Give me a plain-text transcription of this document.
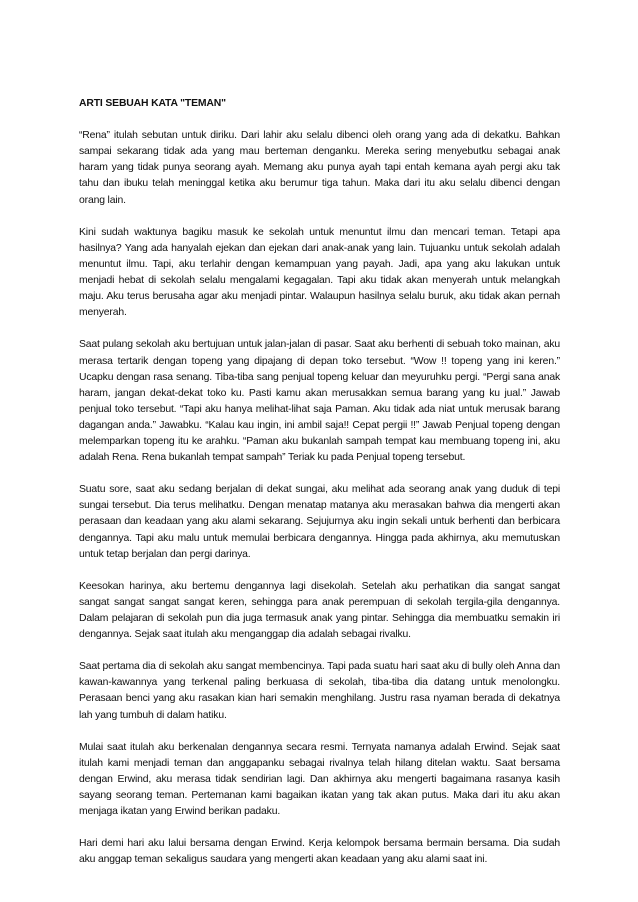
ARTI SEBUAH KATA "TEMAN"

“Rena” itulah sebutan untuk diriku. Dari lahir aku selalu dibenci oleh orang yang ada di dekatku. Bahkan sampai sekarang tidak ada yang mau berteman denganku. Mereka sering menyebutku sebagai anak haram yang tidak punya seorang ayah. Memang aku punya ayah tapi entah kemana ayah pergi aku tak tahu dan ibuku telah meninggal ketika aku berumur tiga tahun. Maka dari itu aku selalu dibenci dengan orang lain.

Kini sudah waktunya bagiku masuk ke sekolah untuk menuntut ilmu dan mencari teman. Tetapi apa hasilnya? Yang ada hanyalah ejekan dan ejekan dari anak-anak yang lain. Tujuanku untuk sekolah adalah menuntut ilmu. Tapi, aku terlahir dengan kemampuan yang payah. Jadi, apa yang aku lakukan untuk menjadi hebat di sekolah selalu mengalami kegagalan. Tapi aku tidak akan menyerah untuk melangkah maju. Aku terus berusaha agar aku menjadi pintar. Walaupun hasilnya selalu buruk, aku tidak akan pernah menyerah.

Saat pulang sekolah aku bertujuan untuk jalan-jalan di pasar. Saat aku berhenti di sebuah toko mainan, aku merasa tertarik dengan topeng yang dipajang di depan toko tersebut. “Wow !! topeng yang ini keren.” Ucapku dengan rasa senang. Tiba-tiba sang penjual topeng keluar dan meyuruhku pergi. “Pergi sana anak haram, jangan dekat-dekat toko ku. Pasti kamu akan merusakkan semua barang yang ku jual.” Jawab penjual toko tersebut. “Tapi aku hanya melihat-lihat saja Paman. Aku tidak ada niat untuk merusak barang dagangan anda.” Jawabku. “Kalau kau ingin, ini ambil saja!! Cepat pergii !!” Jawab Penjual topeng dengan melemparkan topeng itu ke arahku. “Paman aku bukanlah sampah tempat kau membuang topeng ini, aku adalah Rena. Rena bukanlah tempat sampah” Teriak ku pada Penjual topeng tersebut.

Suatu sore, saat aku sedang berjalan di dekat sungai, aku melihat ada seorang anak yang duduk di tepi sungai tersebut. Dia terus melihatku. Dengan menatap matanya aku merasakan bahwa dia mengerti akan perasaan dan keadaan yang aku alami sekarang. Sejujurnya aku ingin sekali untuk berhenti dan berbicara dengannya. Tapi aku malu untuk memulai berbicara dengannya. Hingga pada akhirnya, aku memutuskan untuk tetap berjalan dan pergi darinya.

Keesokan harinya, aku bertemu dengannya lagi disekolah. Setelah aku perhatikan dia sangat sangat sangat sangat sangat sangat keren, sehingga para anak perempuan di sekolah tergila-gila dengannya. Dalam pelajaran di sekolah pun dia juga termasuk anak yang pintar. Sehingga dia membuatku semakin iri dengannya. Sejak saat itulah aku menganggap dia adalah sebagai rivalku.

Saat pertama dia di sekolah aku sangat membencinya. Tapi pada suatu hari saat aku di bully oleh Anna dan kawan-kawannya yang terkenal paling berkuasa di sekolah, tiba-tiba dia datang untuk menolongku. Perasaan benci yang aku rasakan kian hari semakin menghilang. Justru rasa nyaman berada di dekatnya lah yang tumbuh di dalam hatiku.

Mulai saat itulah aku berkenalan dengannya secara resmi. Ternyata namanya adalah Erwind. Sejak saat itulah kami menjadi teman dan anggapanku sebagai rivalnya telah hilang ditelan waktu. Saat bersama dengan Erwind, aku merasa tidak sendirian lagi. Dan akhirnya aku mengerti bagaimana rasanya kasih sayang seorang teman. Pertemanan kami bagaikan ikatan yang tak akan putus. Maka dari itu aku akan menjaga ikatan yang Erwind berikan padaku.

Hari demi hari aku lalui bersama dengan Erwind. Kerja kelompok bersama bermain bersama. Dia sudah aku anggap teman sekaligus saudara yang mengerti akan keadaan yang aku alami saat ini.
